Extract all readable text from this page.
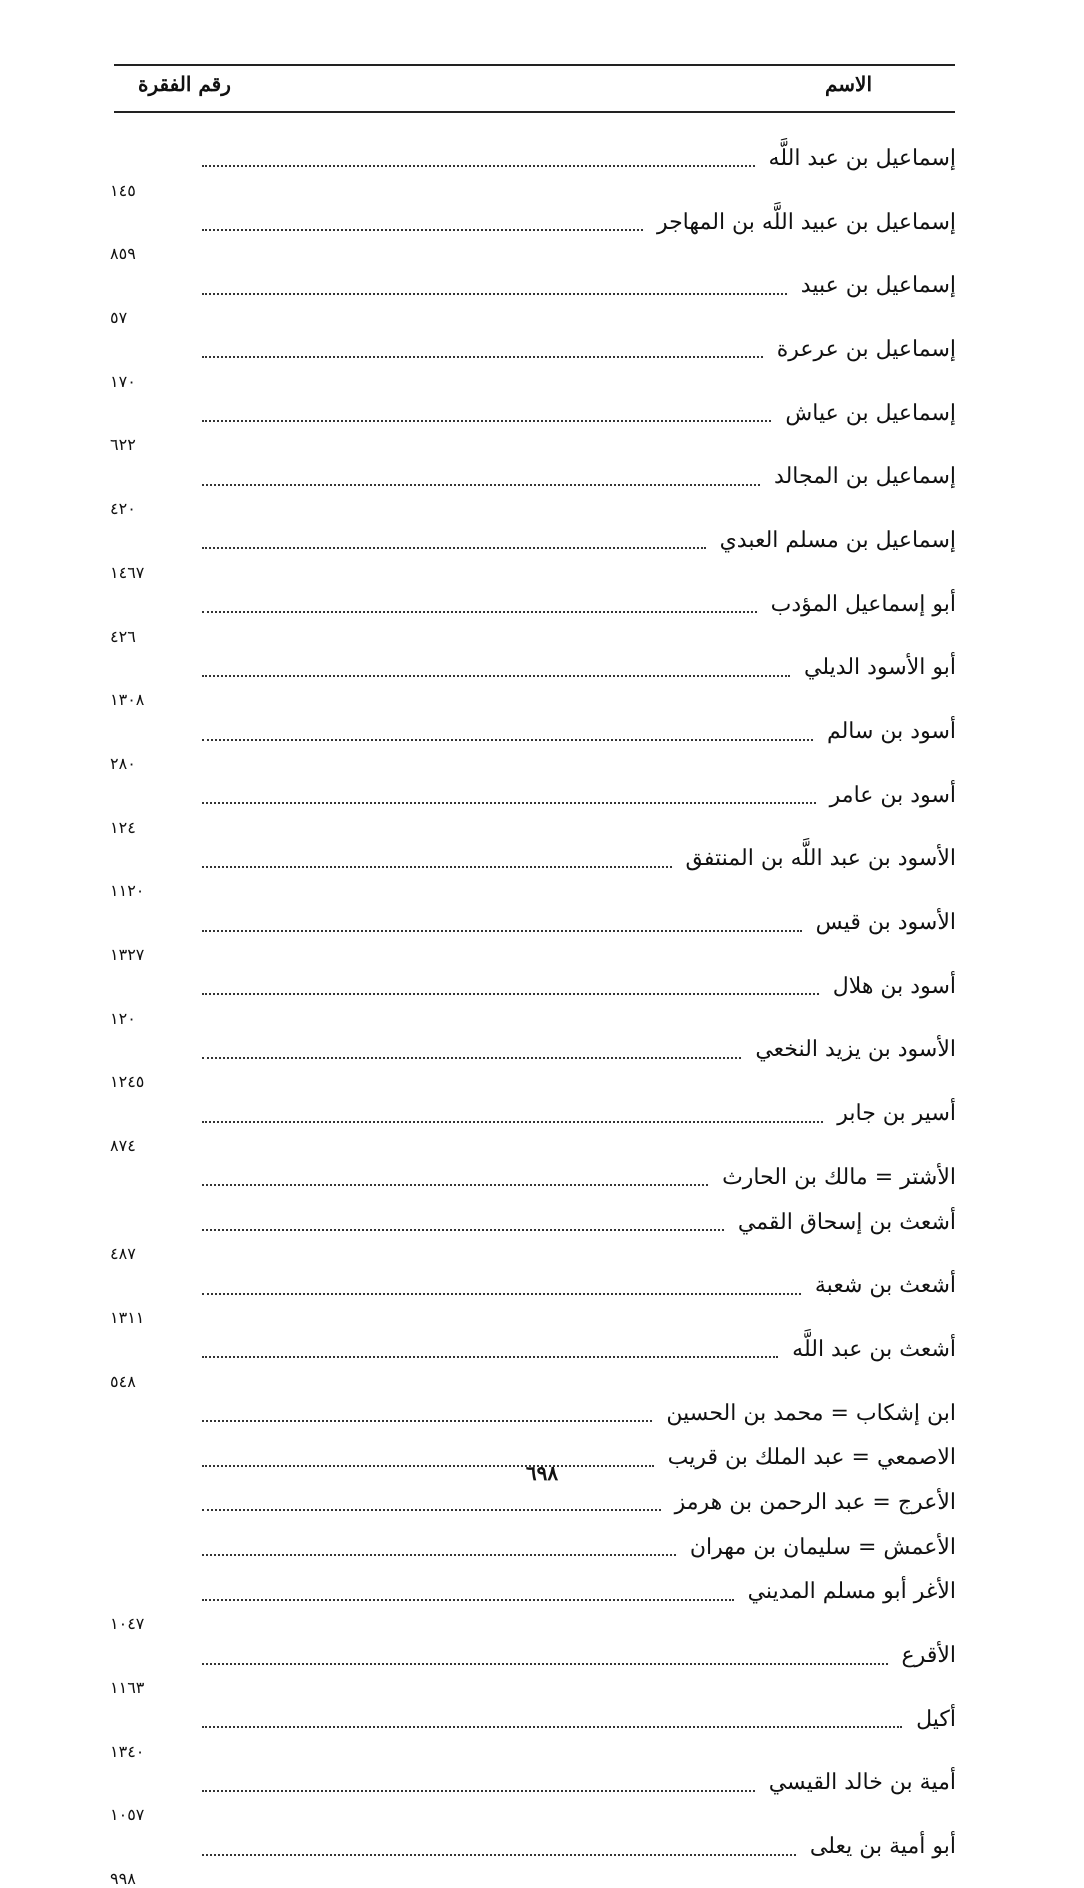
الاسم
رقم الفقرة
إسماعيل بن عبد اللَّه
١٤٥
إسماعيل بن عبيد اللَّه بن المهاجر
٨٥٩
إسماعيل بن عبيد
٥٧
إسماعيل بن عرعرة
١٧٠
إسماعيل بن عياش
٦٢٢
إسماعيل بن المجالد
٤٢٠
إسماعيل بن مسلم العبدي
١٤٦٧
أبو إسماعيل المؤدب
٤٢٦
أبو الأسود الديلي
١٣٠٨
أسود بن سالم
٢٨٠
أسود بن عامر
١٢٤
الأسود بن عبد اللَّه بن المنتفق
١١٢٠
الأسود بن قيس
١٣٢٧
أسود بن هلال
١٢٠
الأسود بن يزيد النخعي
١٢٤٥
أسير بن جابر
٨٧٤
الأشتر = مالك بن الحارث
أشعث بن إسحاق القمي
٤٨٧
أشعث بن شعبة
١٣١١
أشعث بن عبد اللَّه
٥٤٨
ابن إشكاب = محمد بن الحسين
الاصمعي = عبد الملك بن قريب
الأعرج = عبد الرحمن بن هرمز
الأعمش = سليمان بن مهران
الأغر أبو مسلم المديني
١٠٤٧
الأقرع
١١٦٣
أكيل
١٣٤٠
أمية بن خالد القيسي
١٠٥٧
أبو أمية بن يعلى
٩٩٨
٦٩٨
